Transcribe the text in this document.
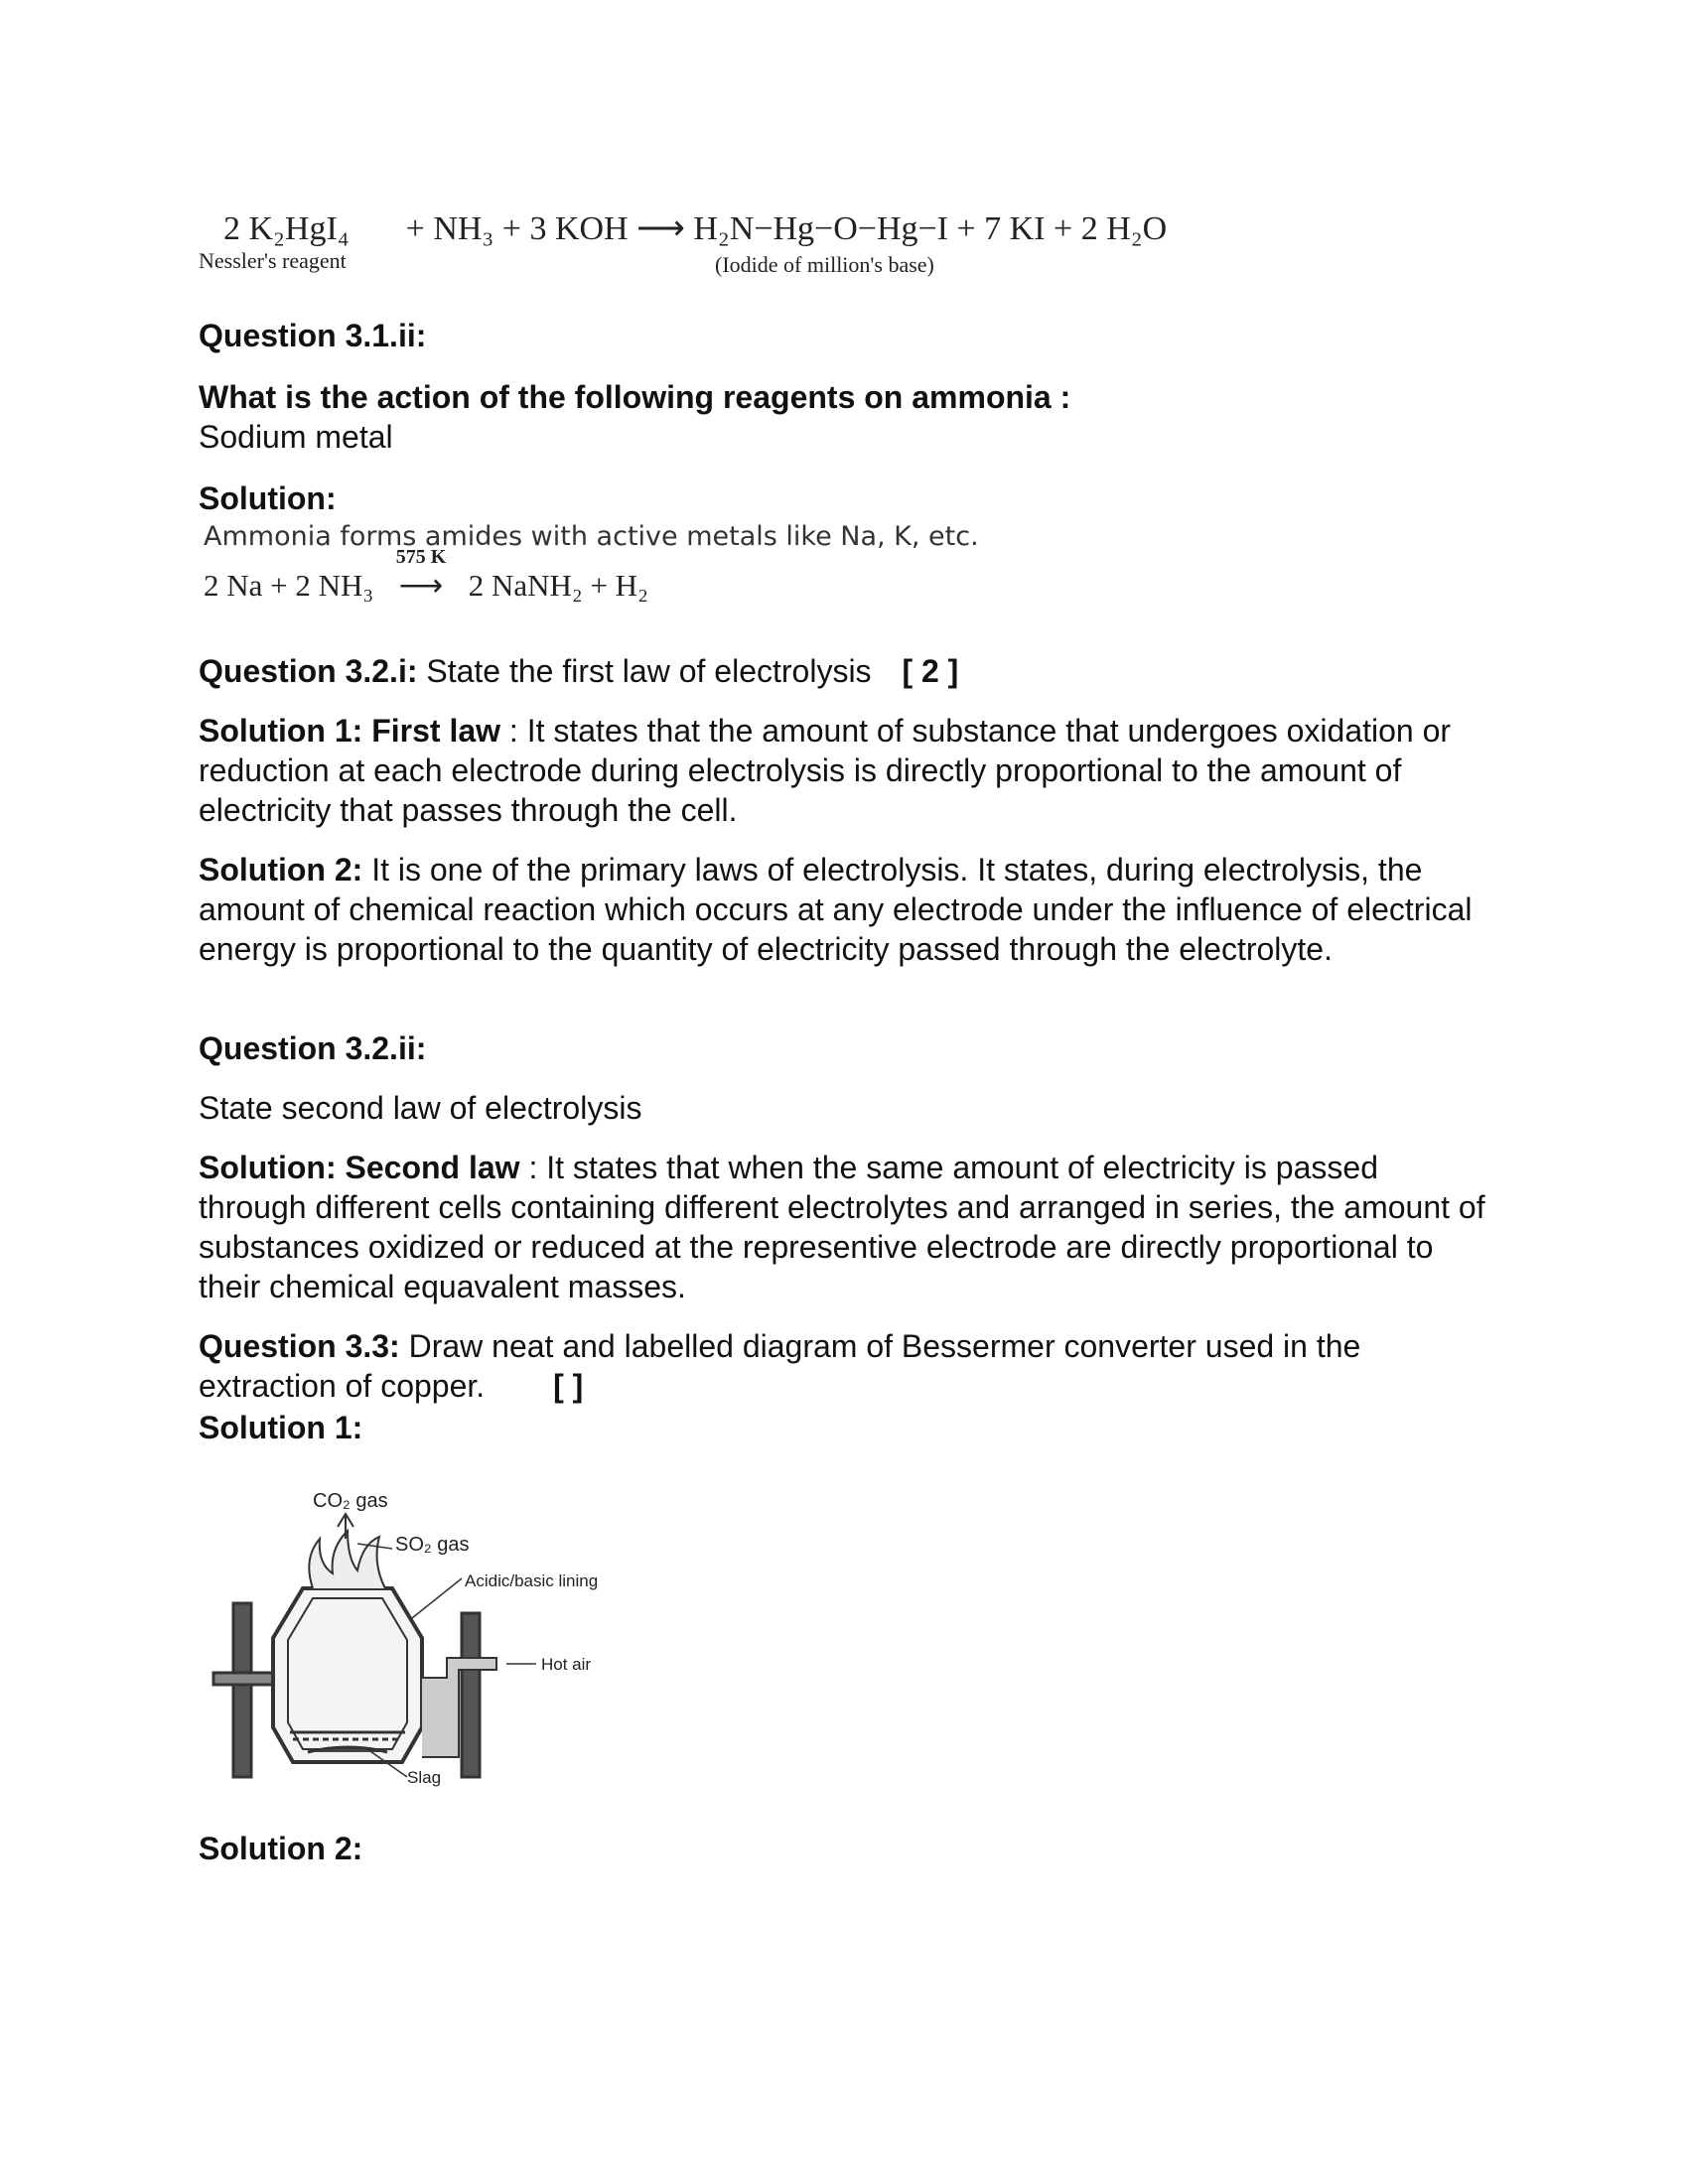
2 K₂HgI₄ + NH₃ + 3 KOH ⟶ H₂N−Hg−O−Hg−I + 7 KI + 2 H₂O
Nessler's reagent	(Iodide of million's base)

Question 3.1.ii:

What is the action of the following reagents on ammonia :

Sodium metal

Solution:

Ammonia forms amides with active metals like Na, K, etc.
2 Na + 2 NH₃
575 K
⟶ 2 NaNH₂ + H₂

Question 3.2.i: State the first law of electrolysis [ 2 ]

Solution 1: First law : It states that the amount of substance that undergoes oxidation or reduction at each electrode during electrolysis is directly proportional to the amount of electricity that passes through the cell.

Solution 2: It is one of the primary laws of electrolysis. It states, during electrolysis, the amount of chemical reaction which occurs at any electrode under the influence of electrical energy is proportional to the quantity of electricity passed through the electrolyte.

Question 3.2.ii:

State second law of electrolysis

Solution: Second law : It states that when the same amount of electricity is passed through different cells containing different electrolytes and arranged in series, the amount of substances oxidized or reduced at the representive electrode are directly proportional to their chemical equavalent masses.

Question 3.3: Draw neat and labelled diagram of Bessermer converter used in the extraction of copper. [ ]

Solution 1:

CO₂ gas
SO₂ gas
Acidic/basic lining
Hot air
Slag

Solution 2:
